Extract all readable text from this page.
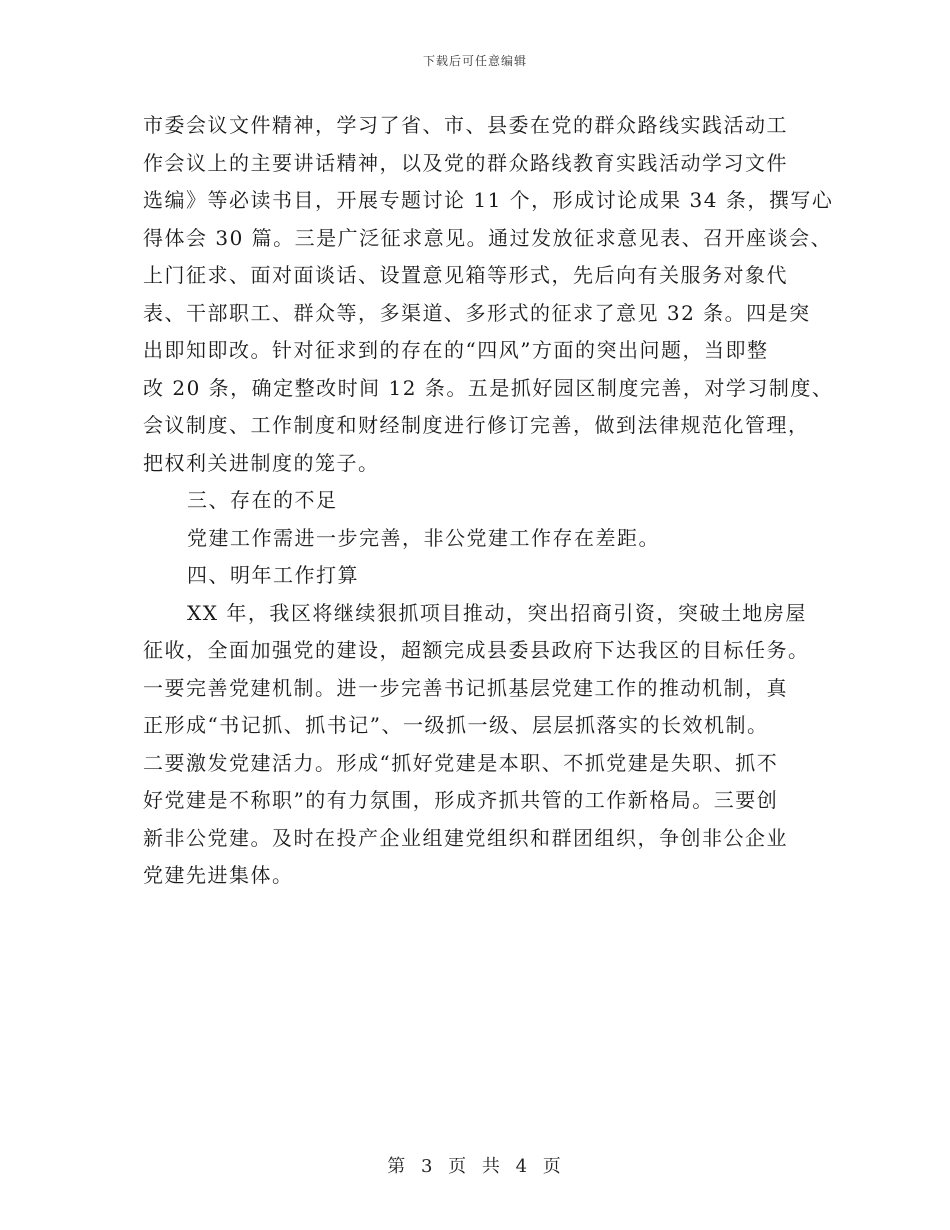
下载后可任意编辑
市委会议文件精神，学习了省、市、县委在党的群众路线实践活动工
作会议上的主要讲话精神，以及党的群众路线教育实践活动学习文件
选编》等必读书目，开展专题讨论 11 个，形成讨论成果 34 条，撰写心
得体会 30 篇。三是广泛征求意见。通过发放征求意见表、召开座谈会、
上门征求、面对面谈话、设置意见箱等形式，先后向有关服务对象代
表、干部职工、群众等，多渠道、多形式的征求了意见 32 条。四是突
出即知即改。针对征求到的存在的“四风”方面的突出问题，当即整
改 20 条，确定整改时间 12 条。五是抓好园区制度完善，对学习制度、
会议制度、工作制度和财经制度进行修订完善，做到法律规范化管理，
把权利关进制度的笼子。
三、存在的不足
党建工作需进一步完善，非公党建工作存在差距。
四、明年工作打算
XX 年，我区将继续狠抓项目推动，突出招商引资，突破土地房屋
征收，全面加强党的建设，超额完成县委县政府下达我区的目标任务。
一要完善党建机制。进一步完善书记抓基层党建工作的推动机制，真
正形成“书记抓、抓书记”、一级抓一级、层层抓落实的长效机制。
二要激发党建活力。形成“抓好党建是本职、不抓党建是失职、抓不
好党建是不称职”的有力氛围，形成齐抓共管的工作新格局。三要创
新非公党建。及时在投产企业组建党组织和群团组织，争创非公企业
党建先进集体。
第 3 页 共 4 页
